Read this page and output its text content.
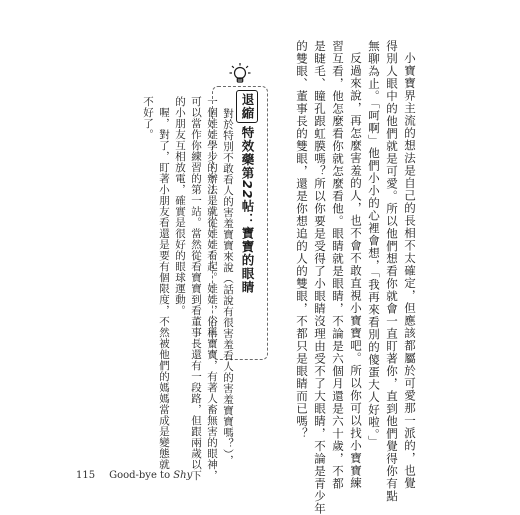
小寶寶界主流的想法是自己的長相不太確定，但應該都屬於可愛那一派的，也覺
得別人眼中的他們就是可愛。所以他們想看你就會一直盯著你，直到他們覺得你有點
無聊為止。「呵啊」他們小小的心裡會想，「我再來看別的傻蛋大人好啦。」
反過來說，再怎麼害羞的人，也不會不敢直視小寶寶吧。所以你可以找小寶寶練
習互看，他怎麼看你就怎麼看他。眼睛就是眼睛，不論是六個月還是六十歲，不都
是睫毛、瞳孔跟虹膜嗎？所以你要是受得了小眼睛沒理由受不了大眼睛，不論是青少年
的雙眼、董事長的雙眼，還是你想追的人的雙眼，不都只是眼睛而已嗎？
退縮特效藥第22帖：寶寶的眼睛
對於特別不敢看人的害羞寶寶來說（話說有很害羞看人的害羞寶寶嗎？），
一個娃娃學步的辦法是就從娃娃看起。娃娃，俗稱寶寶，有著人畜無害的眼神，
可以當作你練習的第一站。當然從看寶寶到看董事長還有一段路，但跟兩歲以下
的小朋友互相放電，確實是很好的眼球運動。
　喔，對了，盯著小朋友看還是要有個限度，不然被他們的媽媽當成是變態就
不好了。
115 Good-bye to Shy
